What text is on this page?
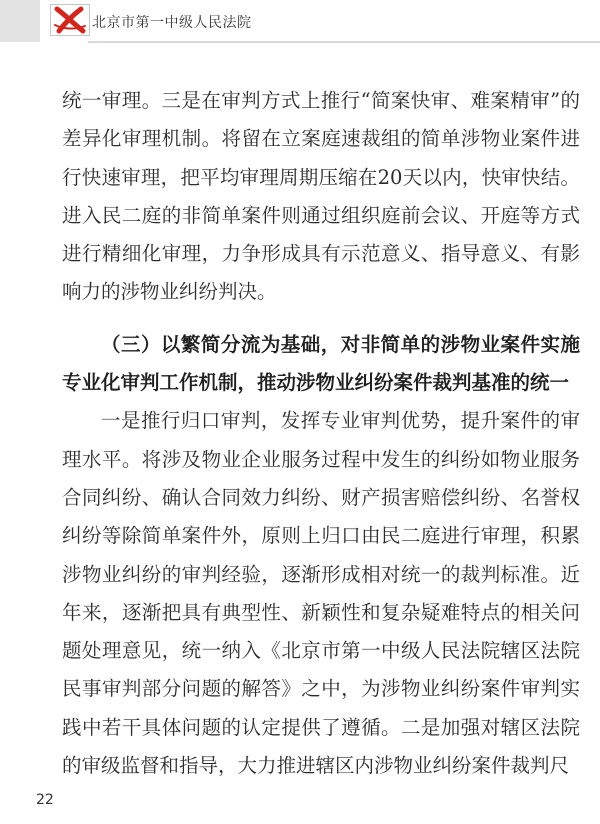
北京市第一中级人民法院

统一审理。三是在审判方式上推行“简案快审、难案精审”的差异化审理机制。将留在立案庭速裁组的简单涉物业案件进行快速审理，把平均审理周期压缩在20天以内，快审快结。进入民二庭的非简单案件则通过组织庭前会议、开庭等方式进行精细化审理，力争形成具有示范意义、指导意义、有影响力的涉物业纠纷判决。

（三）以繁简分流为基础，对非简单的涉物业案件实施专业化审判工作机制，推动涉物业纠纷案件裁判基准的统一

一是推行归口审判，发挥专业审判优势，提升案件的审理水平。将涉及物业企业服务过程中发生的纠纷如物业服务合同纠纷、确认合同效力纠纷、财产损害赔偿纠纷、名誉权纠纷等除简单案件外，原则上归口由民二庭进行审理，积累涉物业纠纷的审判经验，逐渐形成相对统一的裁判标准。近年来，逐渐把具有典型性、新颖性和复杂疑难特点的相关问题处理意见，统一纳入《北京市第一中级人民法院辖区法院民事审判部分问题的解答》之中，为涉物业纠纷案件审判实践中若干具体问题的认定提供了遵循。二是加强对辖区法院的审级监督和指导，大力推进辖区内涉物业纠纷案件裁判尺

22
